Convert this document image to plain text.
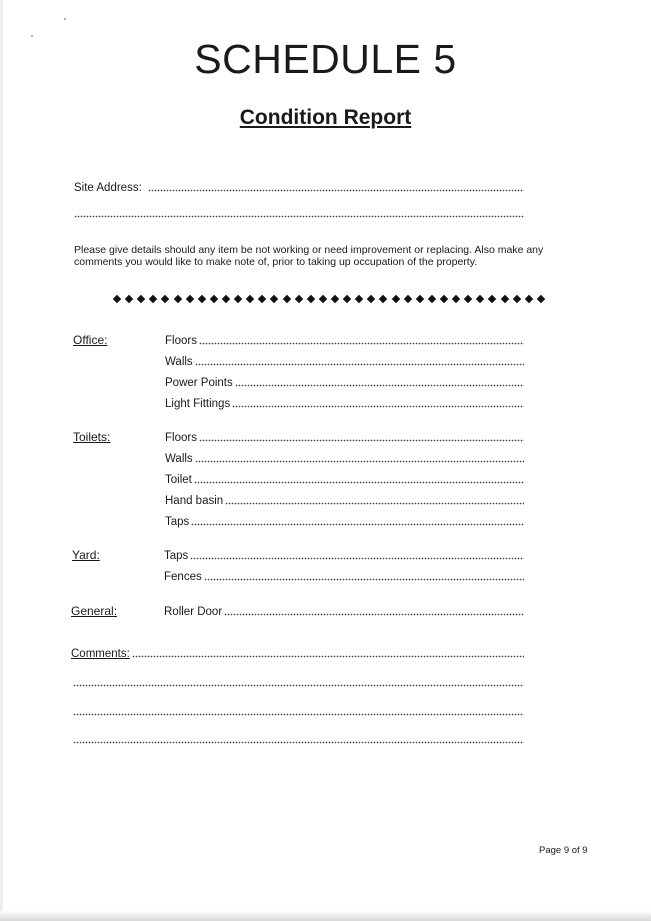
SCHEDULE 5
Condition Report
Site Address:
Please give details should any item be not working or need improvement or replacing. Also make any comments you would like to make note of, prior to taking up occupation of the property.
Office:	Floors
Walls
Power Points
Light Fittings
Toilets:	Floors
Walls
Toilet
Hand basin
Taps
Yard:	Taps
Fences
General:	Roller Door
Comments:
Page 9 of 9
